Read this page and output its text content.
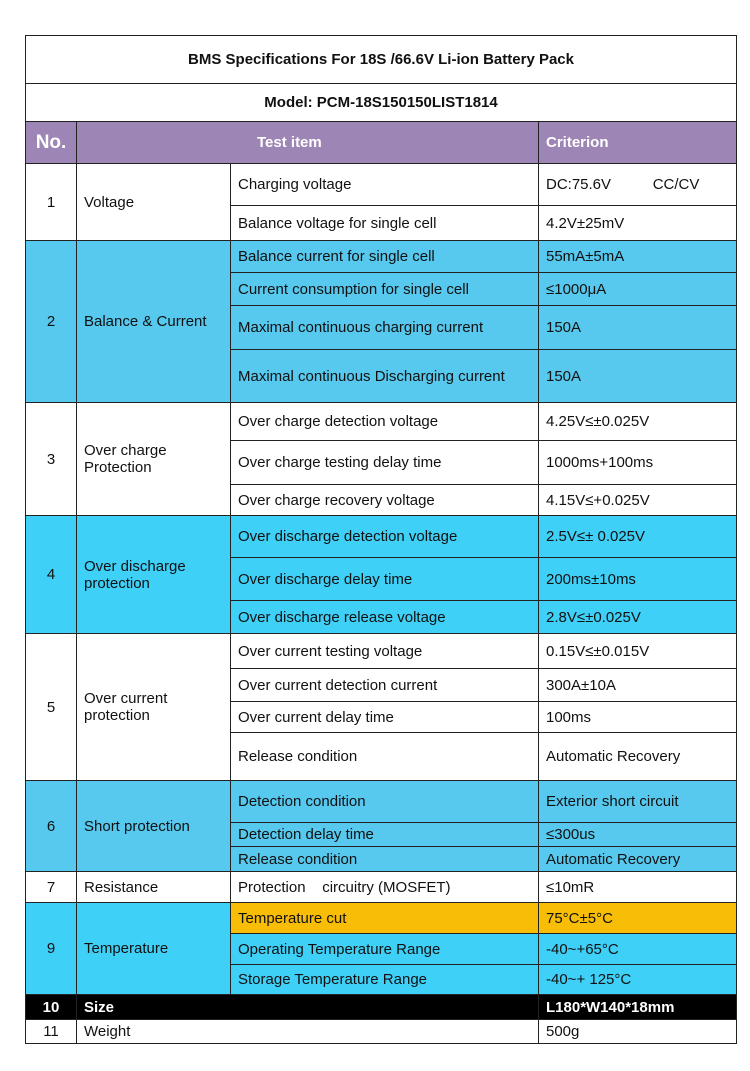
BMS Specifications For 18S /66.6V Li-ion Battery Pack			
Model: PCM-18S150150LIST1814			
No.	Test item		Criterion
1	Voltage	Charging voltage	DC:75.6V          CC/CV
		Balance voltage for single cell	4.2V±25mV
2	Balance & Current	Balance current for single cell	55mA±5mA
		Current consumption for single cell	≤1000μA
		Maximal continuous charging current	150A
		Maximal continuous Discharging current	150A
3	Over charge Protection	Over charge detection voltage	4.25V≤±0.025V
		Over charge testing delay time	1000ms+100ms
		Over charge recovery voltage	4.15V≤+0.025V
4	Over discharge protection	Over discharge detection voltage	2.5V≤± 0.025V
		Over discharge delay time	200ms±10ms
		Over discharge release voltage	2.8V≤±0.025V
5	Over current protection	Over current testing voltage	0.15V≤±0.015V
		Over current detection current	300A±10A
		Over current delay time	100ms
		Release condition	Automatic Recovery
6	Short protection	Detection condition	Exterior short circuit
		Detection delay time	≤300us
		Release condition	Automatic Recovery
7	Resistance	Protection    circuitry (MOSFET)	≤10mR
9	Temperature	Temperature cut	75°C±5°C
		Operating Temperature Range	-40~+65°C
		Storage Temperature Range	-40~+ 125°C
10	Size		L180*W140*18mm
11	Weight		500g
